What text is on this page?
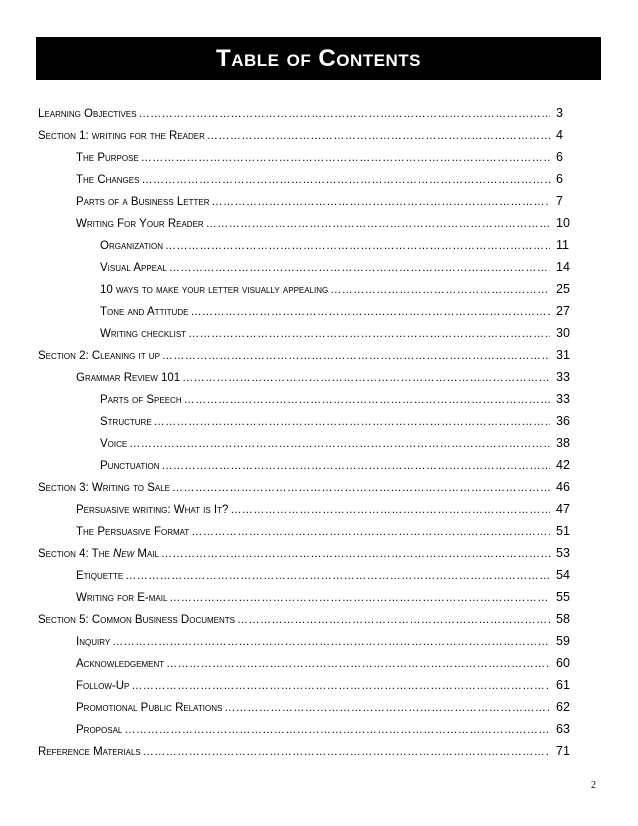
Table of Contents
Learning Objectives ……………………………………………………………………………………………………………………………………………………………………………………………	3
Section 1: writing for the Reader ……………………………………………………………………………………………………………………………………………………………………………………………	4
The Purpose ……………………………………………………………………………………………………………………………………………………………………………………………	6
The Changes ……………………………………………………………………………………………………………………………………………………………………………………………	6
Parts of a Business Letter ……………………………………………………………………………………………………………………………………………………………………………………………	7
Writing For Your Reader ……………………………………………………………………………………………………………………………………………………………………………………………	10
Organization ……………………………………………………………………………………………………………………………………………………………………………………………	11
Visual Appeal ……………………………………………………………………………………………………………………………………………………………………………………………	14
10 ways to make your letter visually appealing ……………………………………………………………………………………………………………………………………………………………………………………………	25
Tone and Attitude ……………………………………………………………………………………………………………………………………………………………………………………………	27
Writing checklist ……………………………………………………………………………………………………………………………………………………………………………………………	30
Section 2: Cleaning it up ……………………………………………………………………………………………………………………………………………………………………………………………	31
Grammar Review 101 ……………………………………………………………………………………………………………………………………………………………………………………………	33
Parts of Speech ……………………………………………………………………………………………………………………………………………………………………………………………	33
Structure ……………………………………………………………………………………………………………………………………………………………………………………………	36
Voice ……………………………………………………………………………………………………………………………………………………………………………………………	38
Punctuation ……………………………………………………………………………………………………………………………………………………………………………………………	42
Section 3: Writing to Sale ……………………………………………………………………………………………………………………………………………………………………………………………	46
Persuasive writing: What is It? ……………………………………………………………………………………………………………………………………………………………………………………………	47
The Persuasive Format ……………………………………………………………………………………………………………………………………………………………………………………………	51
Section 4: The New Mail ……………………………………………………………………………………………………………………………………………………………………………………………	53
Etiquette ……………………………………………………………………………………………………………………………………………………………………………………………	54
Writing for E-mail ……………………………………………………………………………………………………………………………………………………………………………………………	55
Section 5: Common Business Documents ……………………………………………………………………………………………………………………………………………………………………………………………	58
Inquiry ……………………………………………………………………………………………………………………………………………………………………………………………	59
Acknowledgement ……………………………………………………………………………………………………………………………………………………………………………………………	60
Follow-Up ……………………………………………………………………………………………………………………………………………………………………………………………	61
Promotional Public Relations ……………………………………………………………………………………………………………………………………………………………………………………………	62
Proposal ……………………………………………………………………………………………………………………………………………………………………………………………	63
Reference Materials ……………………………………………………………………………………………………………………………………………………………………………………………	71
2
